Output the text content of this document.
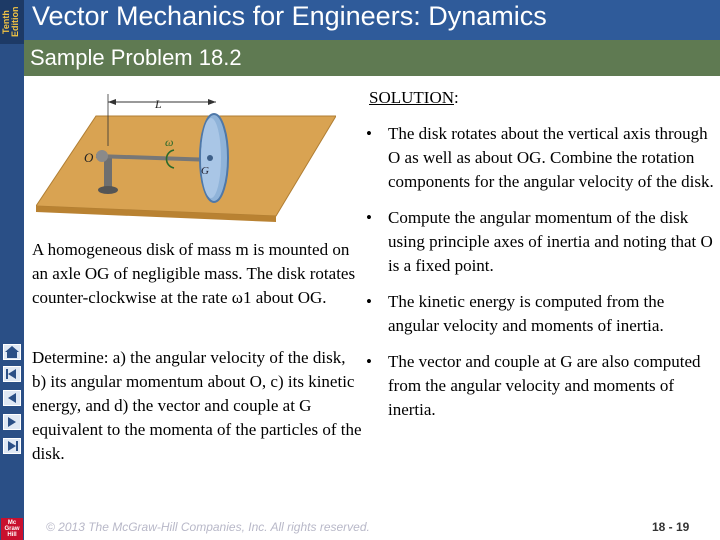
Tenth Edition
Mc
Graw
Hill
Vector Mechanics for Engineers: Dynamics
Sample Problem 18.2
L
O
ω
G
A homogeneous disk of mass m is mounted on an axle OG of negligible mass. The disk rotates counter-clockwise at the rate ω1 about OG.
Determine: a) the angular velocity of the disk, b) its angular momentum about O, c) its kinetic energy, and d) the vector and couple at G equivalent to the momenta of the particles of the disk.
SOLUTION:
• The disk rotates about the vertical axis through O as well as about OG. Combine the rotation components for the angular velocity of the disk.
• Compute the angular momentum of the disk using principle axes of inertia and noting that O is a fixed point.
• The kinetic energy is computed from the angular velocity and moments of inertia.
• The vector and couple at G are also computed from the angular velocity and moments of inertia.
© 2013 The McGraw-Hill Companies, Inc. All rights reserved.	18 - 19
